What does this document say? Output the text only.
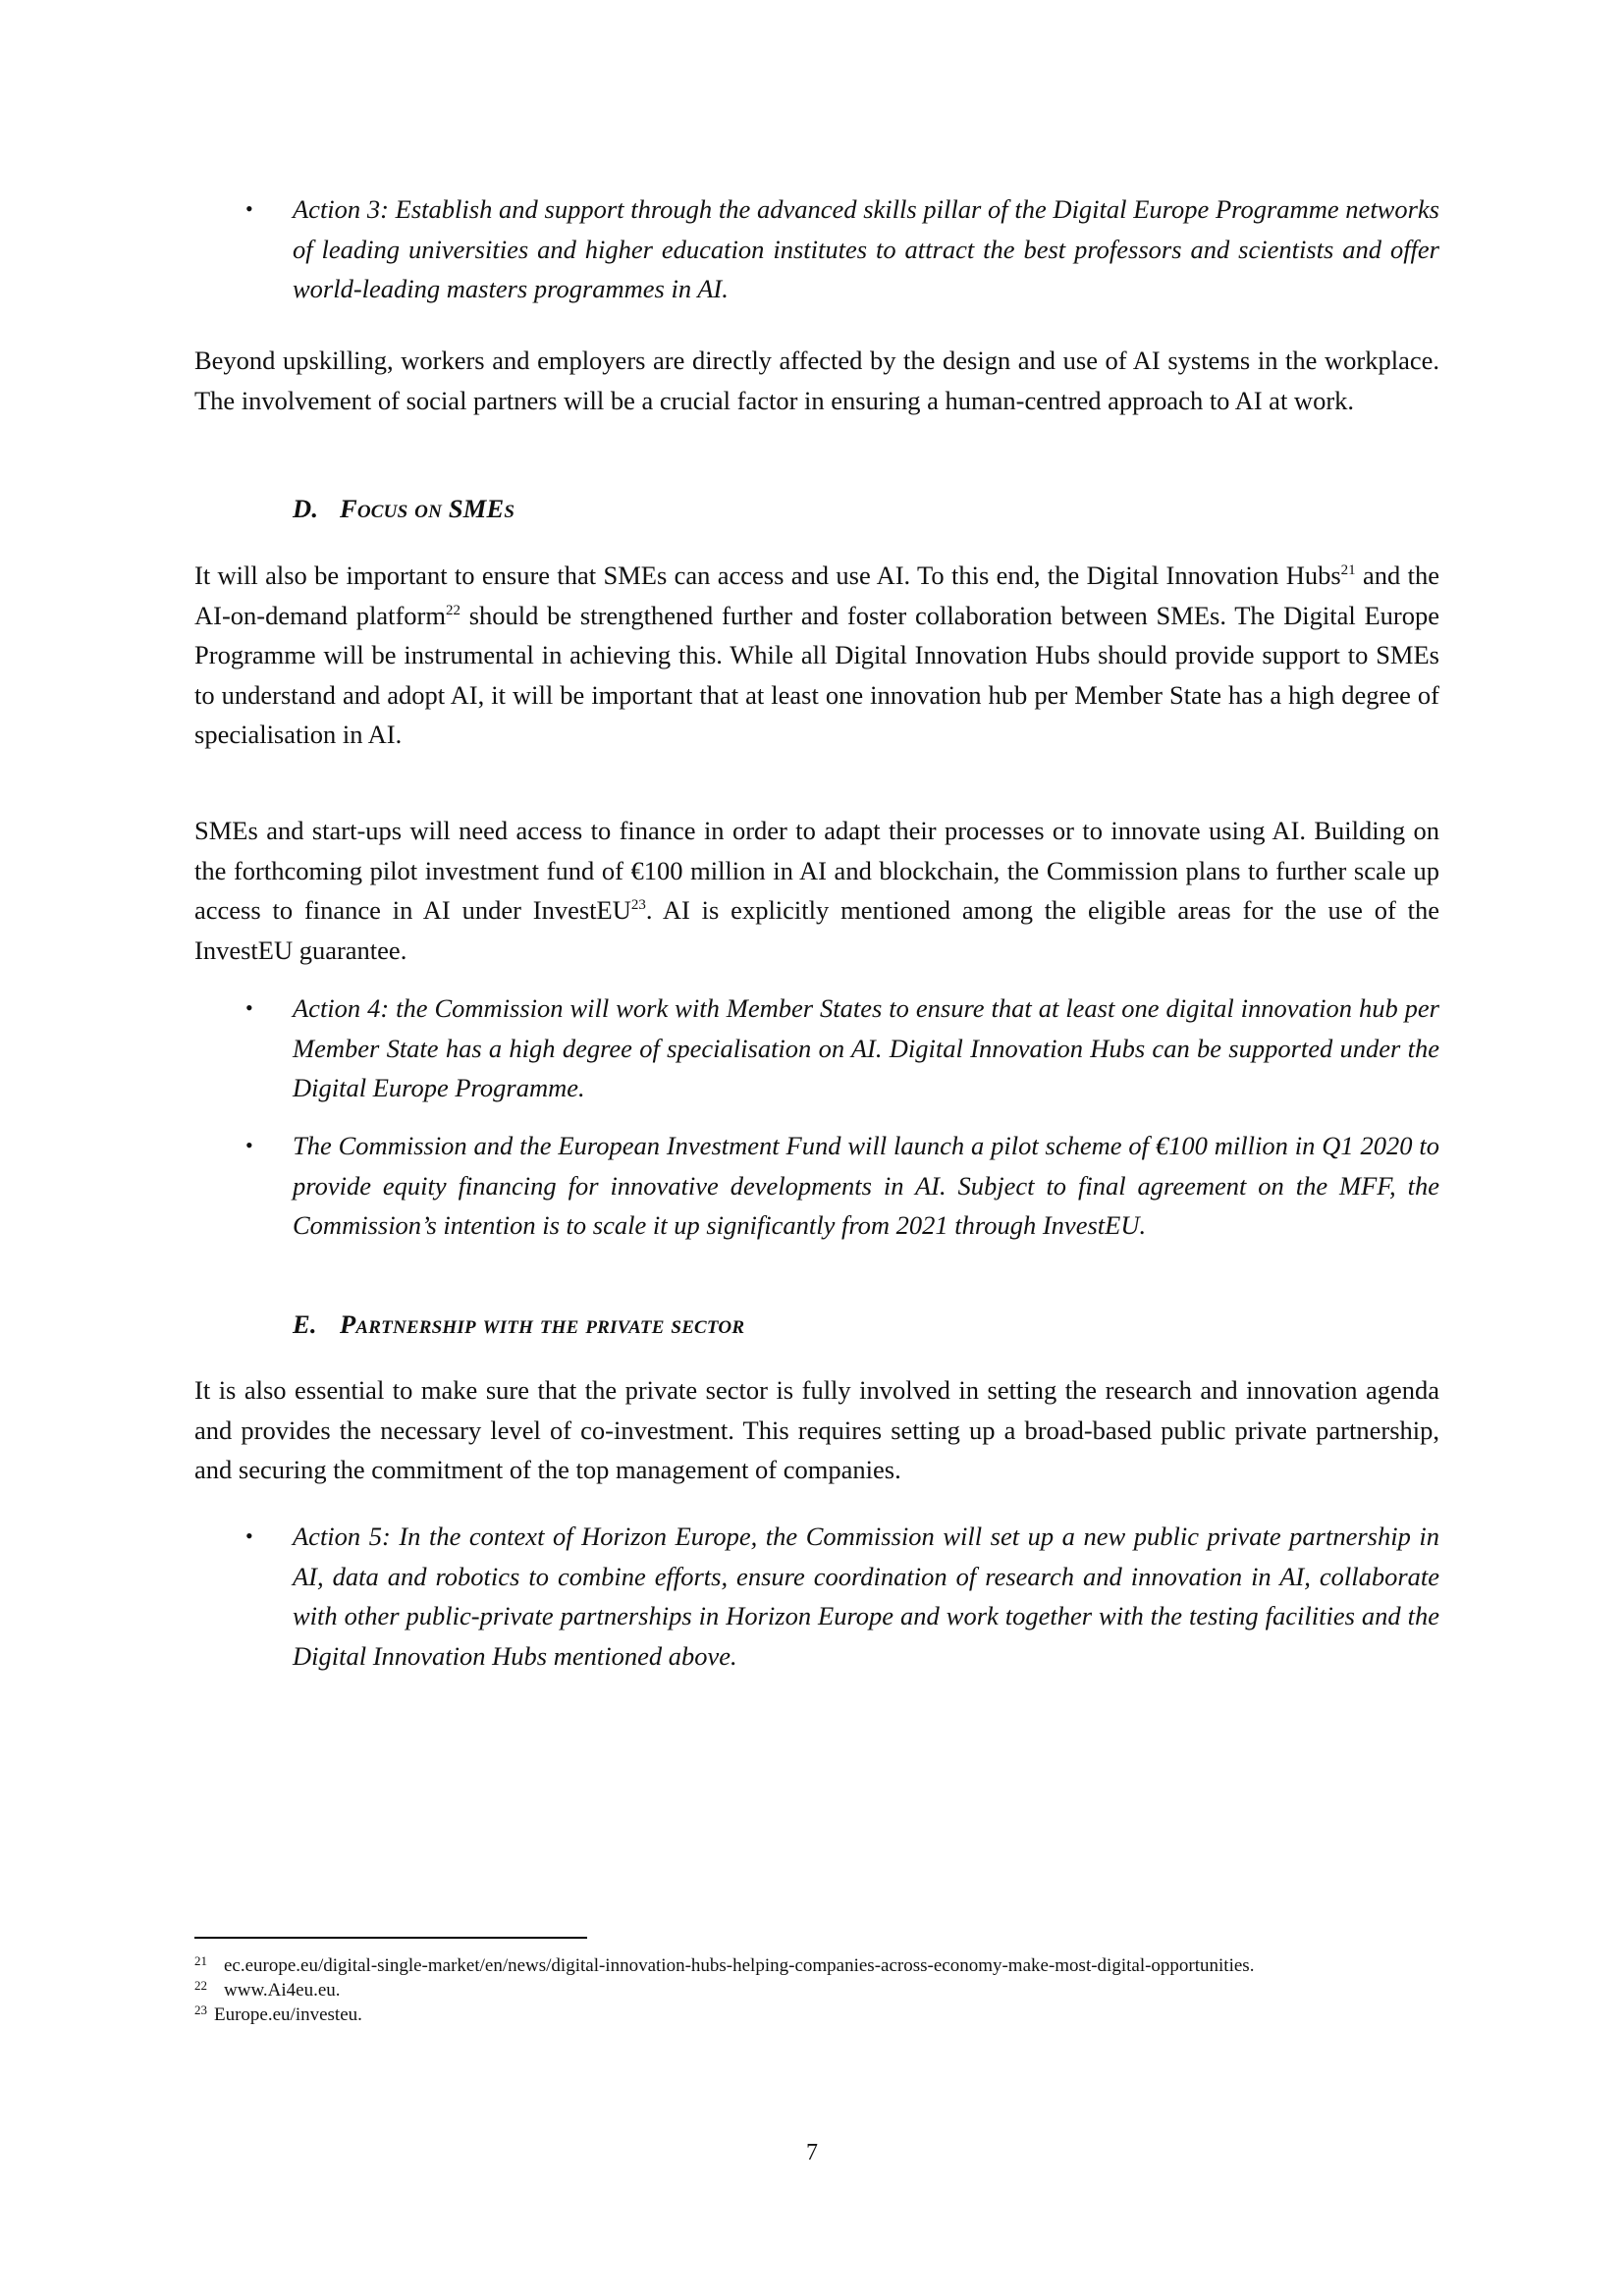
• Action 3: Establish and support through the advanced skills pillar of the Digital Europe Programme networks of leading universities and higher education institutes to attract the best professors and scientists and offer world-leading masters programmes in AI.

Beyond upskilling, workers and employers are directly affected by the design and use of AI systems in the workplace. The involvement of social partners will be a crucial factor in ensuring a human-centred approach to AI at work.

D. Focus on SMEs

It will also be important to ensure that SMEs can access and use AI. To this end, the Digital Innovation Hubs$^{21}$ and the AI-on-demand platform$^{22}$ should be strengthened further and foster collaboration between SMEs. The Digital Europe Programme will be instrumental in achieving this. While all Digital Innovation Hubs should provide support to SMEs to understand and adopt AI, it will be important that at least one innovation hub per Member State has a high degree of specialisation in AI.

SMEs and start-ups will need access to finance in order to adapt their processes or to innovate using AI. Building on the forthcoming pilot investment fund of €100 million in AI and blockchain, the Commission plans to further scale up access to finance in AI under InvestEU$^{23}$. AI is explicitly mentioned among the eligible areas for the use of the InvestEU guarantee.

• Action 4: the Commission will work with Member States to ensure that at least one digital innovation hub per Member State has a high degree of specialisation on AI. Digital Innovation Hubs can be supported under the Digital Europe Programme.
• The Commission and the European Investment Fund will launch a pilot scheme of €100 million in Q1 2020 to provide equity financing for innovative developments in AI. Subject to final agreement on the MFF, the Commission’s intention is to scale it up significantly from 2021 through InvestEU.
E. Partnership with the private sector

It is also essential to make sure that the private sector is fully involved in setting the research and innovation agenda and provides the necessary level of co-investment. This requires setting up a broad-based public private partnership, and securing the commitment of the top management of companies.

• Action 5: In the context of Horizon Europe, the Commission will set up a new public private partnership in AI, data and robotics to combine efforts, ensure coordination of research and innovation in AI, collaborate with other public-private partnerships in Horizon Europe and work together with the testing facilities and the Digital Innovation Hubs mentioned above.
21 ec.europe.eu/digital-single-market/en/news/digital-innovation-hubs-helping-companies-across-economy-make-most-digital-opportunities.
22 www.Ai4eu.eu.
23 Europe.eu/investeu.
7
